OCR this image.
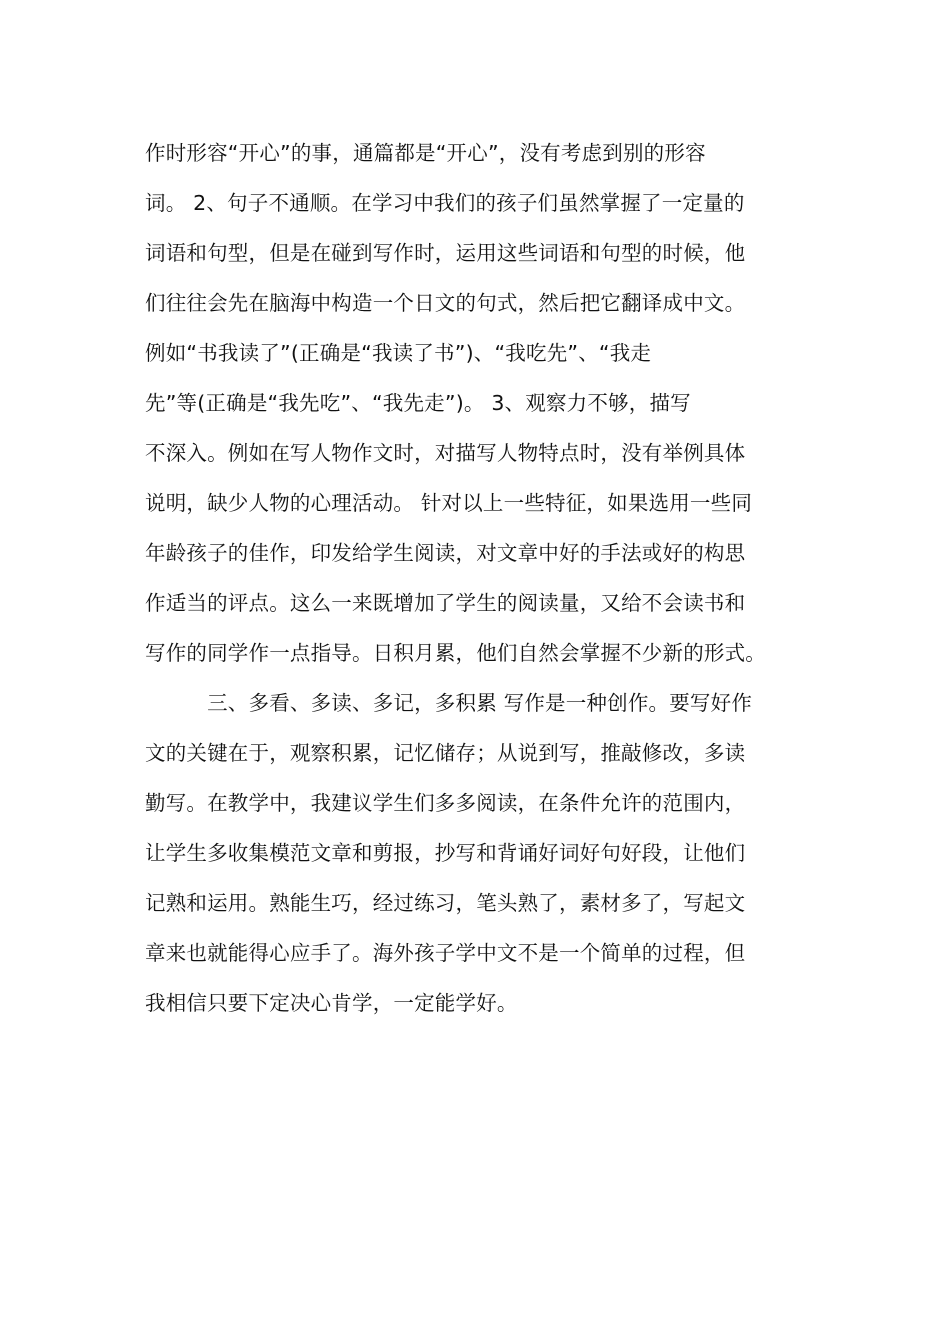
作时形容“开心”的事，通篇都是“开心”，没有考虑到别的形容
词。 2、句子不通顺。在学习中我们的孩子们虽然掌握了一定量的
词语和句型，但是在碰到写作时，运用这些词语和句型的时候，他
们往往会先在脑海中构造一个日文的句式，然后把它翻译成中文。
例如“书我读了”(正确是“我读了书”)、“我吃先”、“我走
先”等(正确是“我先吃”、“我先走”)。 3、观察力不够，描写
不深入。例如在写人物作文时，对描写人物特点时，没有举例具体
说明，缺少人物的心理活动。 针对以上一些特征，如果选用一些同
年龄孩子的佳作，印发给学生阅读，对文章中好的手法或好的构思
作适当的评点。这么一来既增加了学生的阅读量，又给不会读书和
写作的同学作一点指导。日积月累，他们自然会掌握不少新的形式。
　　　三、多看、多读、多记，多积累 写作是一种创作。要写好作
文的关键在于，观察积累，记忆储存；从说到写，推敲修改，多读
勤写。在教学中，我建议学生们多多阅读，在条件允许的范围内，
让学生多收集模范文章和剪报，抄写和背诵好词好句好段，让他们
记熟和运用。熟能生巧，经过练习，笔头熟了，素材多了，写起文
章来也就能得心应手了。海外孩子学中文不是一个简单的过程，但
我相信只要下定决心肯学，一定能学好。
